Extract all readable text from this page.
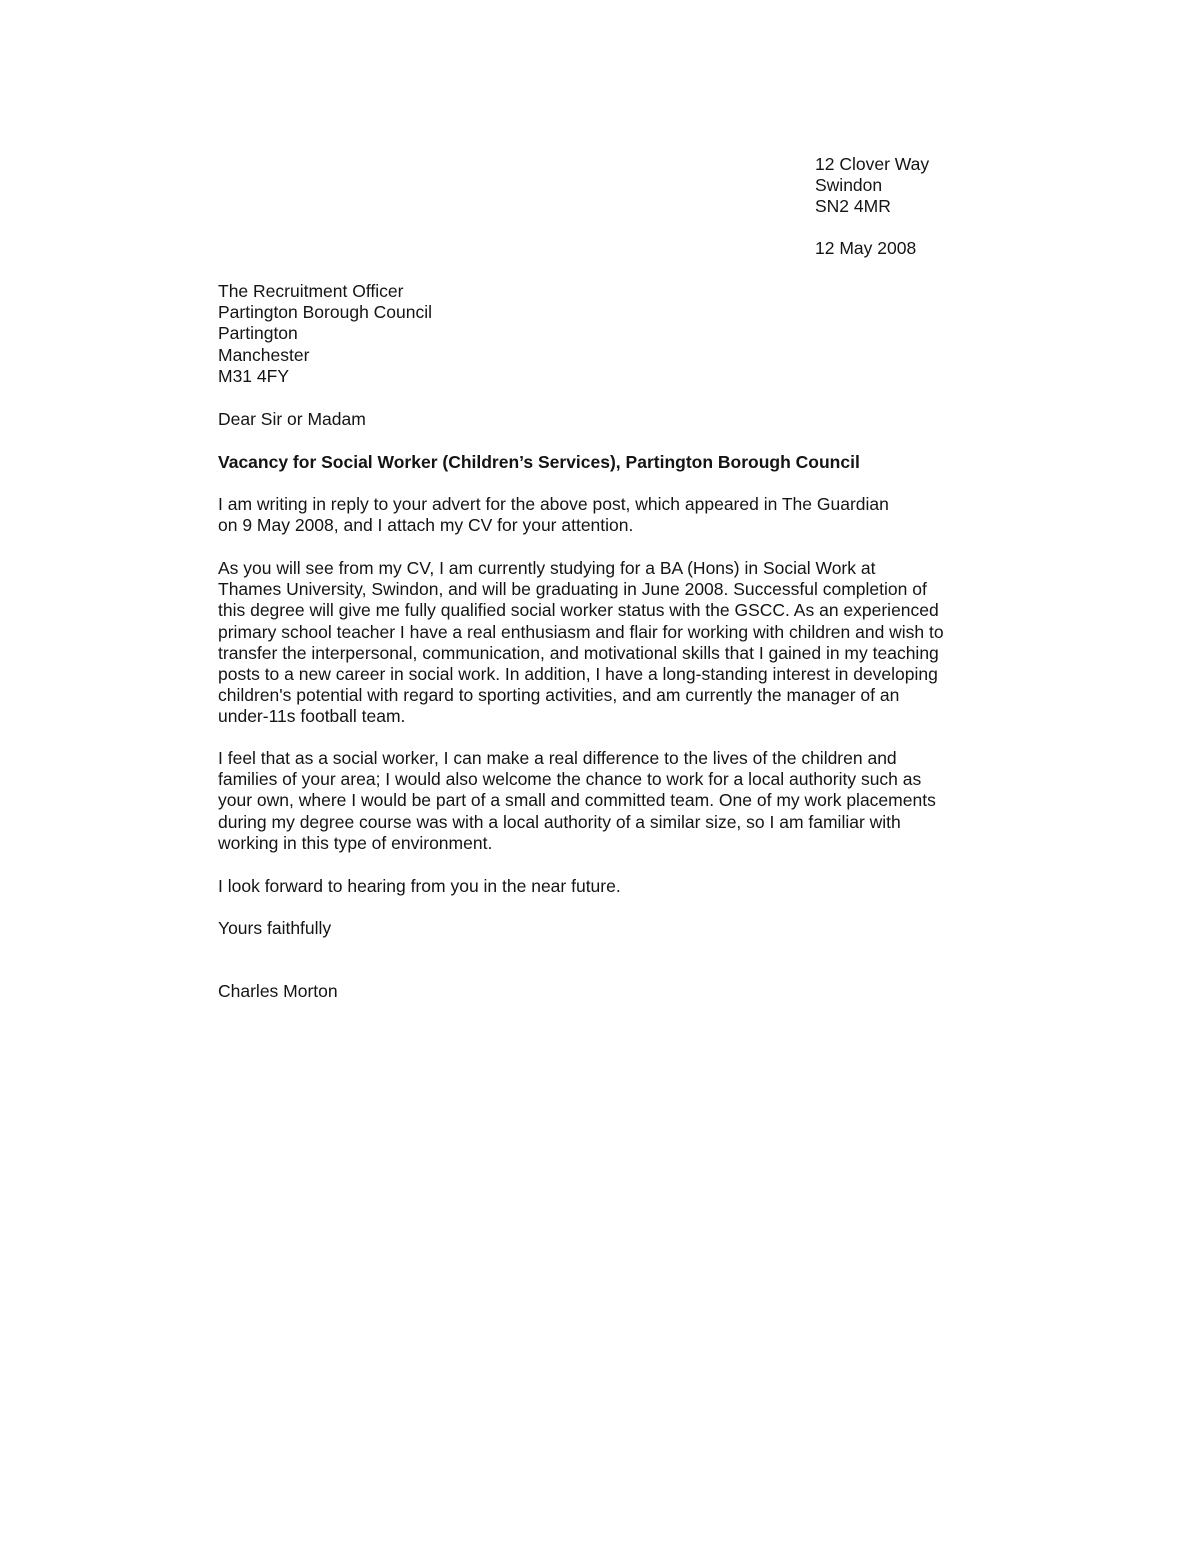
12 Clover Way
Swindon
SN2 4MR
12 May 2008
The Recruitment Officer
Partington Borough Council
Partington
Manchester
M31 4FY
Dear Sir or Madam
Vacancy for Social Worker (Children’s Services), Partington Borough Council
I am writing in reply to your advert for the above post, which appeared in The Guardian
on 9 May 2008, and I attach my CV for your attention.
As you will see from my CV, I am currently studying for a BA (Hons) in Social Work at
Thames University, Swindon, and will be graduating in June 2008. Successful completion of
this degree will give me fully qualified social worker status with the GSCC. As an experienced
primary school teacher I have a real enthusiasm and flair for working with children and wish to
transfer the interpersonal, communication, and motivational skills that I gained in my teaching
posts to a new career in social work. In addition, I have a long-standing interest in developing
children's potential with regard to sporting activities, and am currently the manager of an
under-11s football team.
I feel that as a social worker, I can make a real difference to the lives of the children and
families of your area; I would also welcome the chance to work for a local authority such as
your own, where I would be part of a small and committed team. One of my work placements
during my degree course was with a local authority of a similar size, so I am familiar with
working in this type of environment.
I look forward to hearing from you in the near future.
Yours faithfully
Charles Morton
